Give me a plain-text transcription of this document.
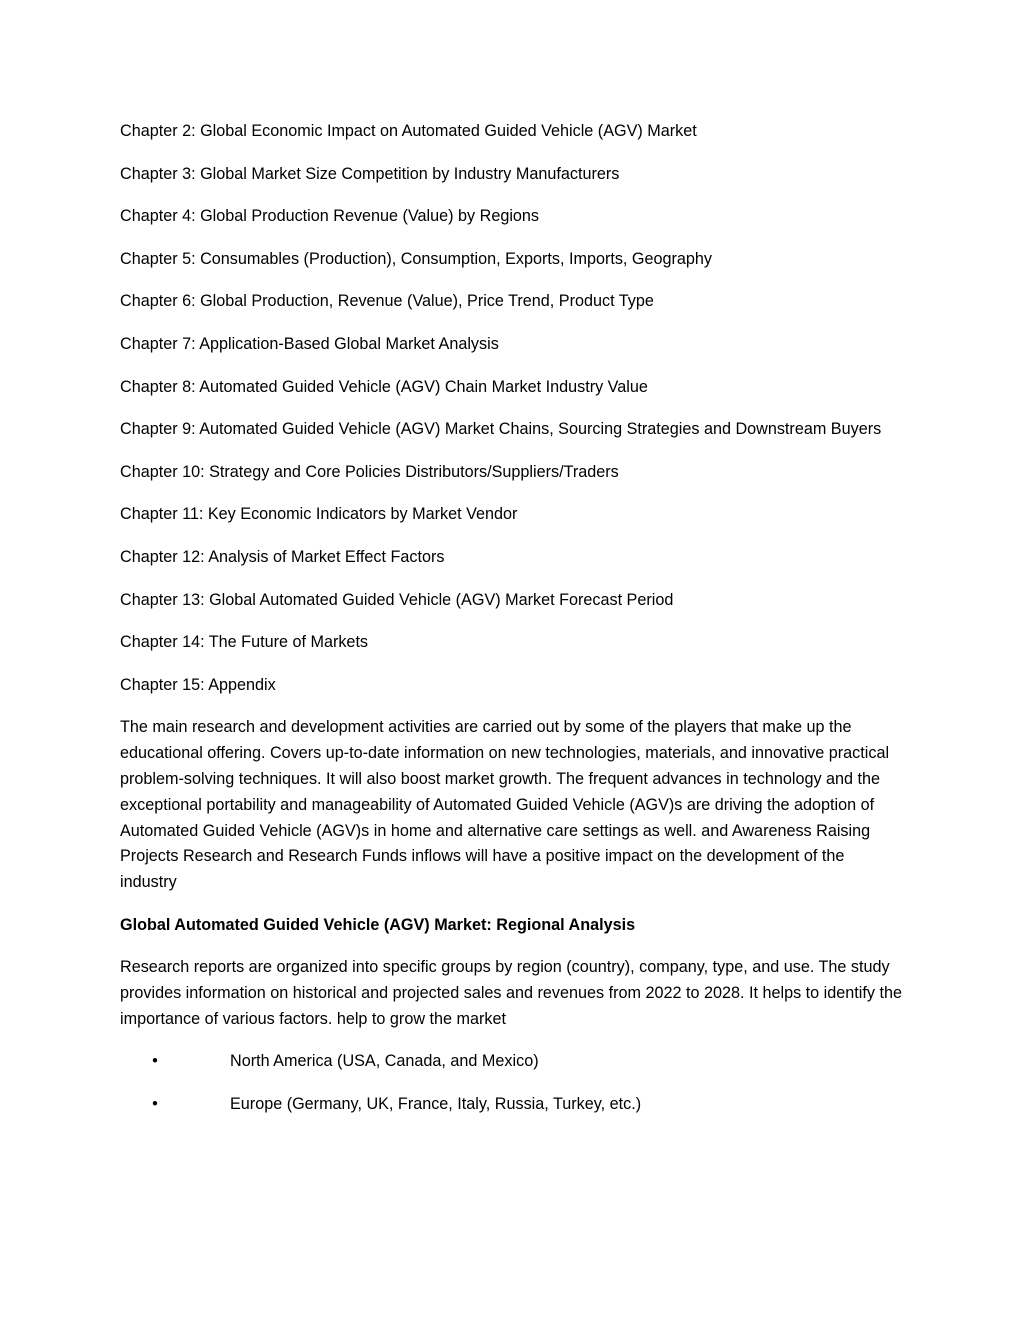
Chapter 2: Global Economic Impact on Automated Guided Vehicle (AGV) Market

Chapter 3: Global Market Size Competition by Industry Manufacturers

Chapter 4: Global Production Revenue (Value) by Regions

Chapter 5: Consumables (Production), Consumption, Exports, Imports, Geography

Chapter 6: Global Production, Revenue (Value), Price Trend, Product Type

Chapter 7: Application-Based Global Market Analysis

Chapter 8: Automated Guided Vehicle (AGV) Chain Market Industry Value

Chapter 9: Automated Guided Vehicle (AGV) Market Chains, Sourcing Strategies and Downstream Buyers

Chapter 10: Strategy and Core Policies Distributors/Suppliers/Traders

Chapter 11: Key Economic Indicators by Market Vendor

Chapter 12: Analysis of Market Effect Factors

Chapter 13: Global Automated Guided Vehicle (AGV) Market Forecast Period

Chapter 14: The Future of Markets

Chapter 15: Appendix

The main research and development activities are carried out by some of the players that make up the educational offering. Covers up-to-date information on new technologies, materials, and innovative practical problem-solving techniques. It will also boost market growth. The frequent advances in technology and the exceptional portability and manageability of Automated Guided Vehicle (AGV)s are driving the adoption of Automated Guided Vehicle (AGV)s in home and alternative care settings as well. and Awareness Raising Projects Research and Research Funds inflows will have a positive impact on the development of the industry

Global Automated Guided Vehicle (AGV) Market: Regional Analysis

Research reports are organized into specific groups by region (country), company, type, and use. The study provides information on historical and projected sales and revenues from 2022 to 2028. It helps to identify the importance of various factors. help to grow the market

•	North America (USA, Canada, and Mexico)
•	Europe (Germany, UK, France, Italy, Russia, Turkey, etc.)
